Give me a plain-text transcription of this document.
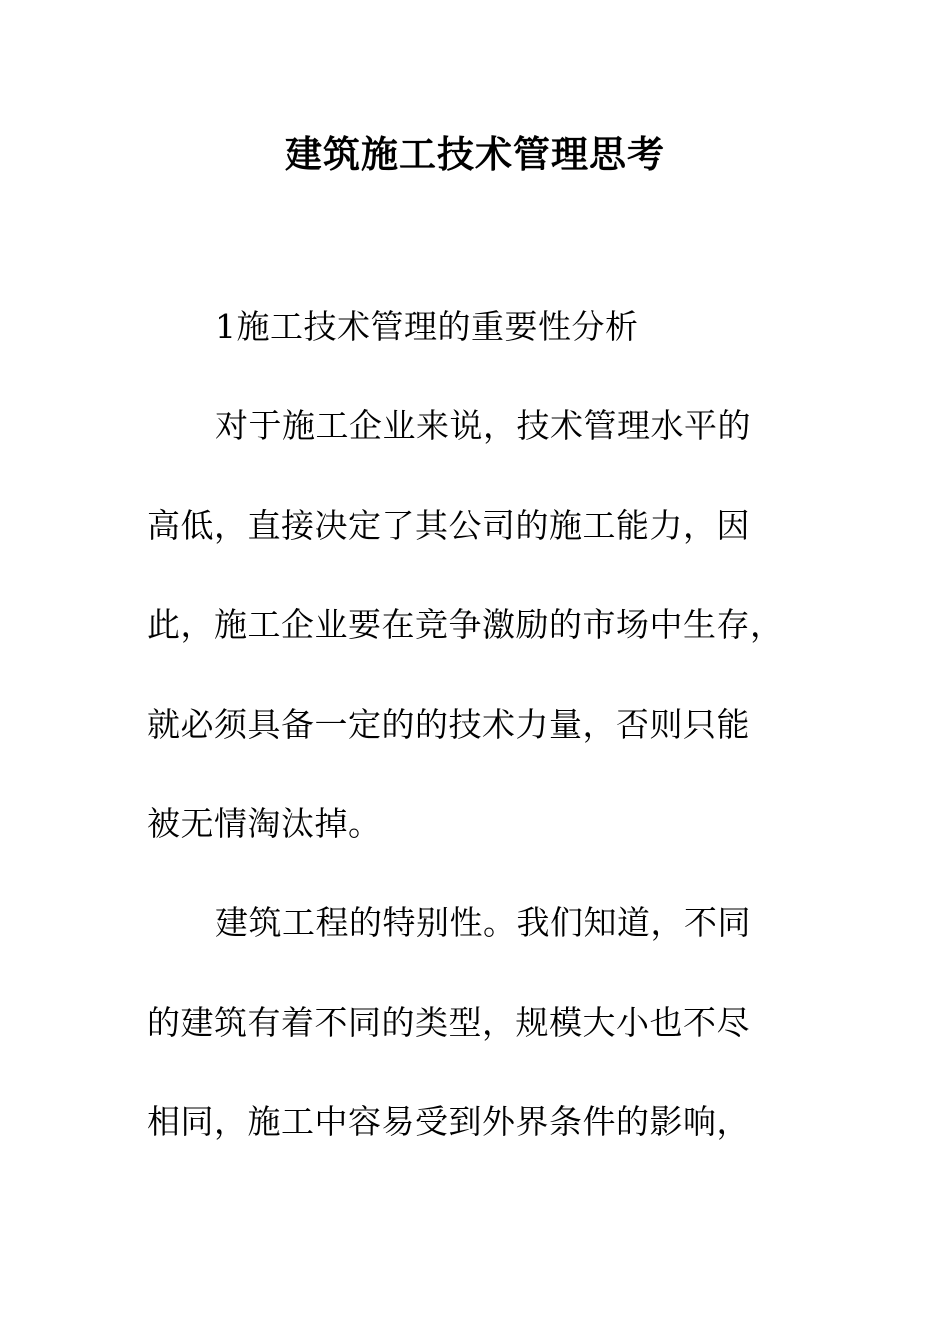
建筑施工技术管理思考

1施工技术管理的重要性分析

对于施工企业来说，技术管理水平的

高低，直接决定了其公司的施工能力，因

此，施工企业要在竞争激励的市场中生存，

就必须具备一定的的技术力量，否则只能

被无情淘汰掉。

建筑工程的特别性。我们知道，不同

的建筑有着不同的类型，规模大小也不尽

相同，施工中容易受到外界条件的影响，
